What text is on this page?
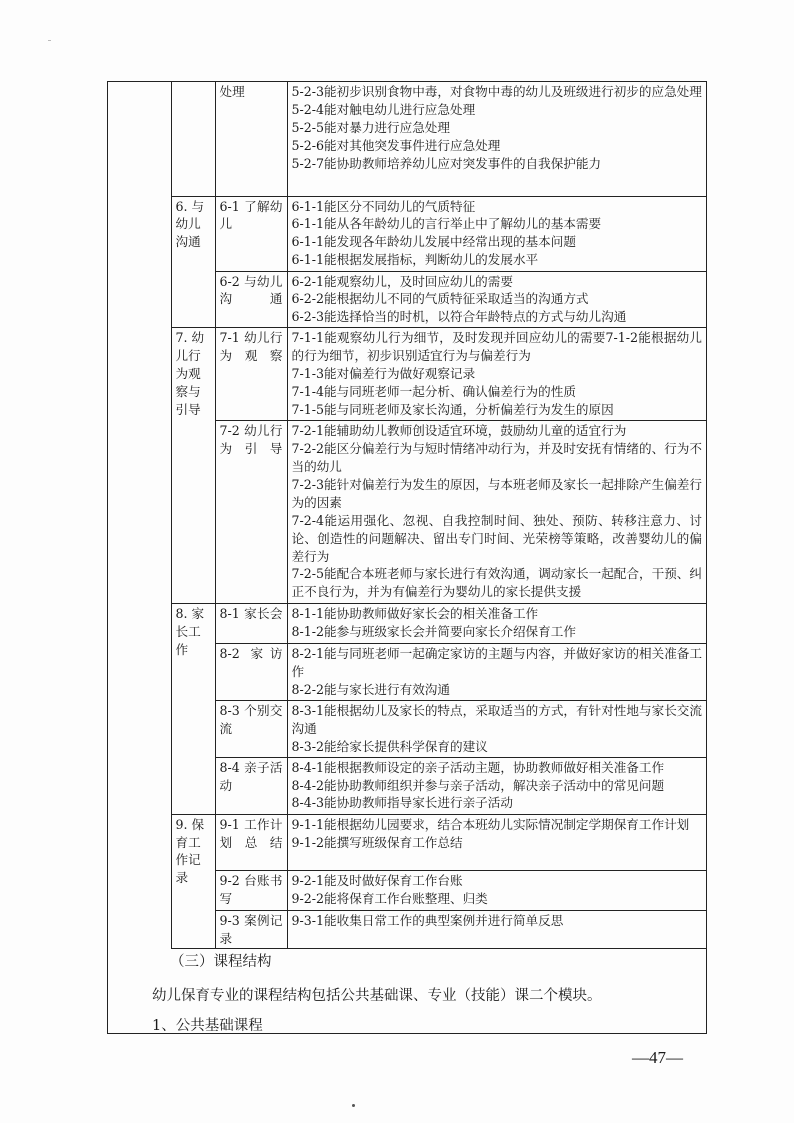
		处理	5-2-3能初步识别食物中毒，对食物中毒的幼儿及班级进行初步的应急处理
5-2-4能对触电幼儿进行应急处理
5-2-5能对暴力进行应急处理
5-2-6能对其他突发事件进行应急处理
5-2-7能协助教师培养幼儿应对突发事件的自我保护能力

	6. 与幼儿沟通	6-1 了解幼儿	6-1-1能区分不同幼儿的气质特征
6-1-1能从各年龄幼儿的言行举止中了解幼儿的基本需要
6-1-1能发现各年龄幼儿发展中经常出现的基本问题
6-1-1能根据发展指标，判断幼儿的发展水平

		6-2 与幼儿沟通	6-2-1能观察幼儿，及时回应幼儿的需要
6-2-2能根据幼儿不同的气质特征采取适当的沟通方式
6-2-3能选择恰当的时机，以符合年龄特点的方式与幼儿沟通

	7. 幼儿行为观察与引导	7-1 幼儿行为观察	7-1-1能观察幼儿行为细节，及时发现并回应幼儿的需要7-1-2能根据幼儿的行为细节，初步识别适宜行为与偏差行为
7-1-3能对偏差行为做好观察记录
7-1-4能与同班老师一起分析、确认偏差行为的性质
7-1-5能与同班老师及家长沟通，分析偏差行为发生的原因

		7-2 幼儿行为引导	7-2-1能辅助幼儿教师创设适宜环境，鼓励幼儿童的适宜行为
7-2-2能区分偏差行为与短时情绪冲动行为，并及时安抚有情绪的、行为不当的幼儿
7-2-3能针对偏差行为发生的原因，与本班老师及家长一起排除产生偏差行为的因素
7-2-4能运用强化、忽视、自我控制时间、独处、预防、转移注意力、讨论、创造性的问题解决、留出专门时间、光荣榜等策略，改善婴幼儿的偏差行为
7-2-5能配合本班老师与家长进行有效沟通，调动家长一起配合，干预、纠正不良行为，并为有偏差行为婴幼儿的家长提供支援

	8. 家长工作	8-1 家长会	8-1-1能协助教师做好家长会的相关准备工作
8-1-2能参与班级家长会并简要向家长介绍保育工作

		8-2 家访	8-2-1能与同班老师一起确定家访的主题与内容，并做好家访的相关准备工作
8-2-2能与家长进行有效沟通

		8-3 个别交流	8-3-1能根据幼儿及家长的特点，采取适当的方式，有针对性地与家长交流沟通
8-3-2能给家长提供科学保育的建议

		8-4 亲子活动	8-4-1能根据教师设定的亲子活动主题，协助教师做好相关准备工作
8-4-2能协助教师组织并参与亲子活动，解决亲子活动中的常见问题
8-4-3能协助教师指导家长进行亲子活动

	9. 保育工作记录	9-1 工作计划总结	9-1-1能根据幼儿园要求，结合本班幼儿实际情况制定学期保育工作计划
9-1-2能撰写班级保育工作总结

		9-2 台账书写	9-2-1能及时做好保育工作台账
9-2-2能将保育工作台账整理、归类

		9-3 案例记录	9-3-1能收集日常工作的典型案例并进行简单反思
（三）课程结构
幼儿保育专业的课程结构包括公共基础课、专业（技能）课二个模块。
1、公共基础课程
—47—
